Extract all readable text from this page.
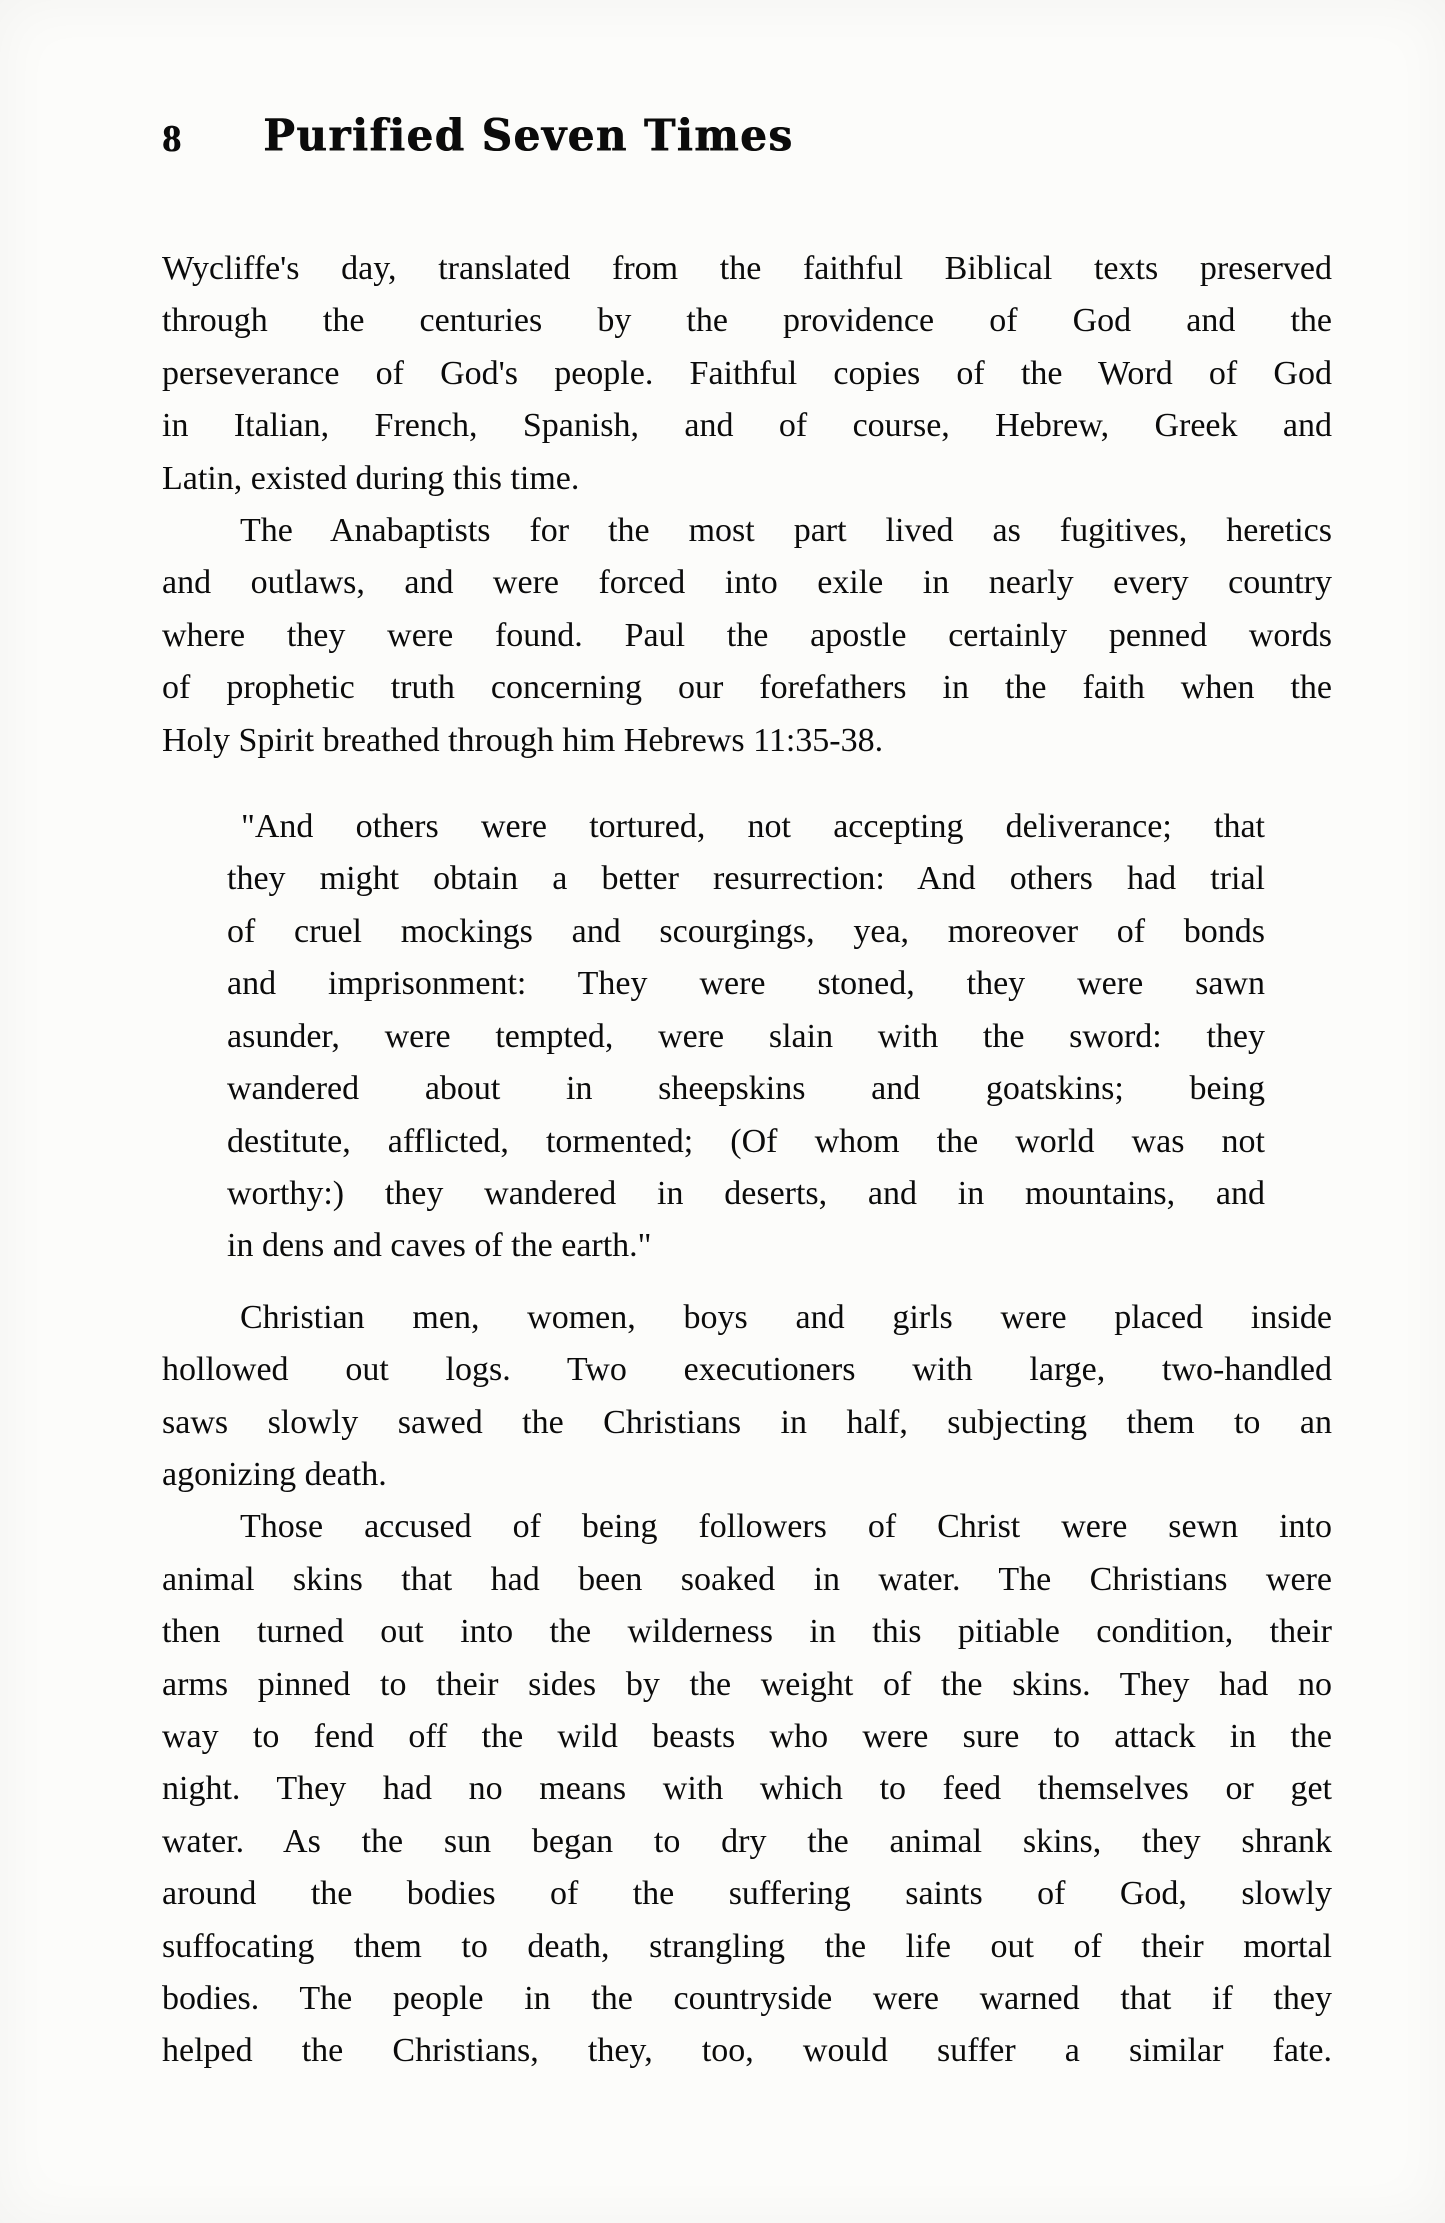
8 Purified Seven Times
Wycliffe's day, translated from the faithful Biblical texts preserved
through the centuries by the providence of God and the
perseverance of God's people. Faithful copies of the Word of God
in Italian, French, Spanish, and of course, Hebrew, Greek and
Latin, existed during this time.
The Anabaptists for the most part lived as fugitives, heretics
and outlaws, and were forced into exile in nearly every country
where they were found. Paul the apostle certainly penned words
of prophetic truth concerning our forefathers in the faith when the
Holy Spirit breathed through him Hebrews 11:35-38.
"And others were tortured, not accepting deliverance; that
they might obtain a better resurrection: And others had trial
of cruel mockings and scourgings, yea, moreover of bonds
and imprisonment: They were stoned, they were sawn
asunder, were tempted, were slain with the sword: they
wandered about in sheepskins and goatskins; being
destitute, afflicted, tormented; (Of whom the world was not
worthy:) they wandered in deserts, and in mountains, and
in dens and caves of the earth."
Christian men, women, boys and girls were placed inside
hollowed out logs. Two executioners with large, two-handled
saws slowly sawed the Christians in half, subjecting them to an
agonizing death.
Those accused of being followers of Christ were sewn into
animal skins that had been soaked in water. The Christians were
then turned out into the wilderness in this pitiable condition, their
arms pinned to their sides by the weight of the skins. They had no
way to fend off the wild beasts who were sure to attack in the
night. They had no means with which to feed themselves or get
water. As the sun began to dry the animal skins, they shrank
around the bodies of the suffering saints of God, slowly
suffocating them to death, strangling the life out of their mortal
bodies. The people in the countryside were warned that if they
helped the Christians, they, too, would suffer a similar fate.
